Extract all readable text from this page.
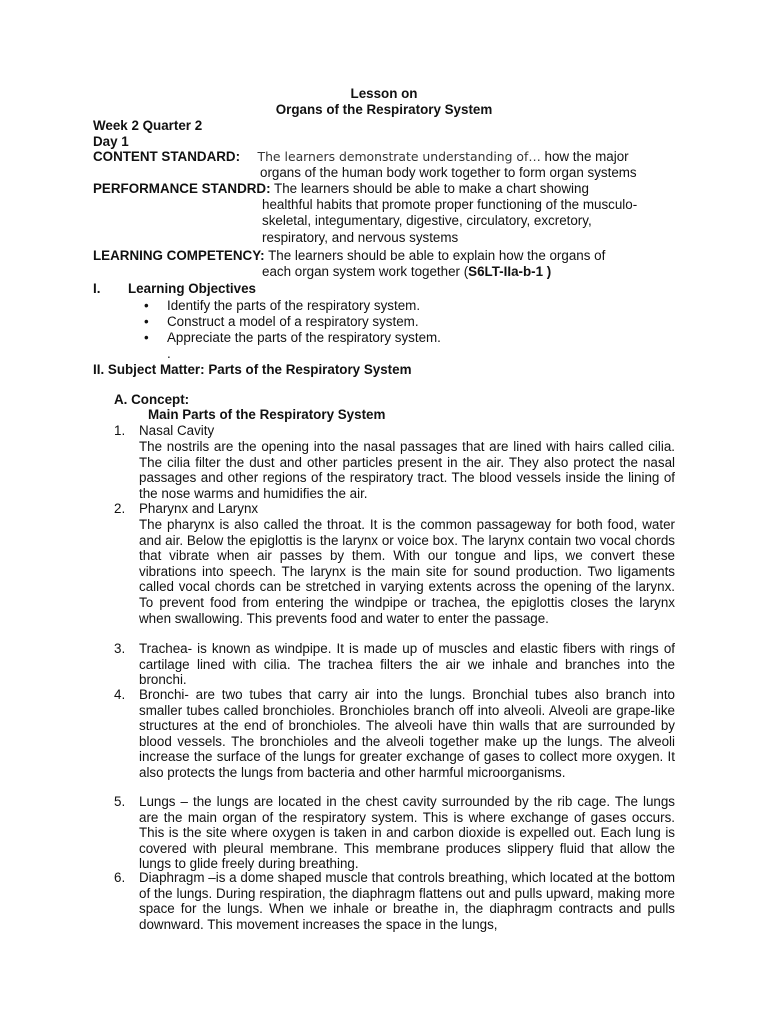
Lesson on
Organs of the Respiratory System
Week 2 Quarter 2
Day 1
CONTENT STANDARD: The learners demonstrate understanding of… how the major
organs of the human body work together to form organ systems
PERFORMANCE STANDRD: The learners should be able to make a chart showing
healthful habits that promote proper functioning of the musculo-
skeletal, integumentary, digestive, circulatory, excretory,
respiratory, and nervous systems
LEARNING COMPETENCY: The learners should be able to explain how the organs of
each organ system work together (S6LT-IIa-b-1 )
I. Learning Objectives
• Identify the parts of the respiratory system.
• Construct a model of a respiratory system.
• Appreciate the parts of the respiratory system.
.
II. Subject Matter: Parts of the Respiratory System
A. Concept:
Main Parts of the Respiratory System
1. Nasal Cavity
The nostrils are the opening into the nasal passages that are lined with hairs called cilia. The cilia filter the dust and other particles present in the air. They also protect the nasal passages and other regions of the respiratory tract. The blood vessels inside the lining of the nose warms and humidifies the air.
2. Pharynx and Larynx
The pharynx is also called the throat. It is the common passageway for both food, water and air. Below the epiglottis is the larynx or voice box. The larynx contain two vocal chords that vibrate when air passes by them. With our tongue and lips, we convert these vibrations into speech. The larynx is the main site for sound production. Two ligaments called vocal chords can be stretched in varying extents across the opening of the larynx. To prevent food from entering the windpipe or trachea, the epiglottis closes the larynx when swallowing. This prevents food and water to enter the passage.
3. Trachea- is known as windpipe. It is made up of muscles and elastic fibers with rings of cartilage lined with cilia. The trachea filters the air we inhale and branches into the bronchi.
4. Bronchi- are two tubes that carry air into the lungs. Bronchial tubes also branch into smaller tubes called bronchioles. Bronchioles branch off into alveoli. Alveoli are grape-like structures at the end of bronchioles. The alveoli have thin walls that are surrounded by blood vessels. The bronchioles and the alveoli together make up the lungs. The alveoli increase the surface of the lungs for greater exchange of gases to collect more oxygen. It also protects the lungs from bacteria and other harmful microorganisms.
5. Lungs – the lungs are located in the chest cavity surrounded by the rib cage. The lungs are the main organ of the respiratory system. This is where exchange of gases occurs. This is the site where oxygen is taken in and carbon dioxide is expelled out. Each lung is covered with pleural membrane. This membrane produces slippery fluid that allow the lungs to glide freely during breathing.
6. Diaphragm –is a dome shaped muscle that controls breathing, which located at the bottom of the lungs. During respiration, the diaphragm flattens out and pulls upward, making more space for the lungs. When we inhale or breathe in, the diaphragm contracts and pulls downward. This movement increases the space in the lungs,
